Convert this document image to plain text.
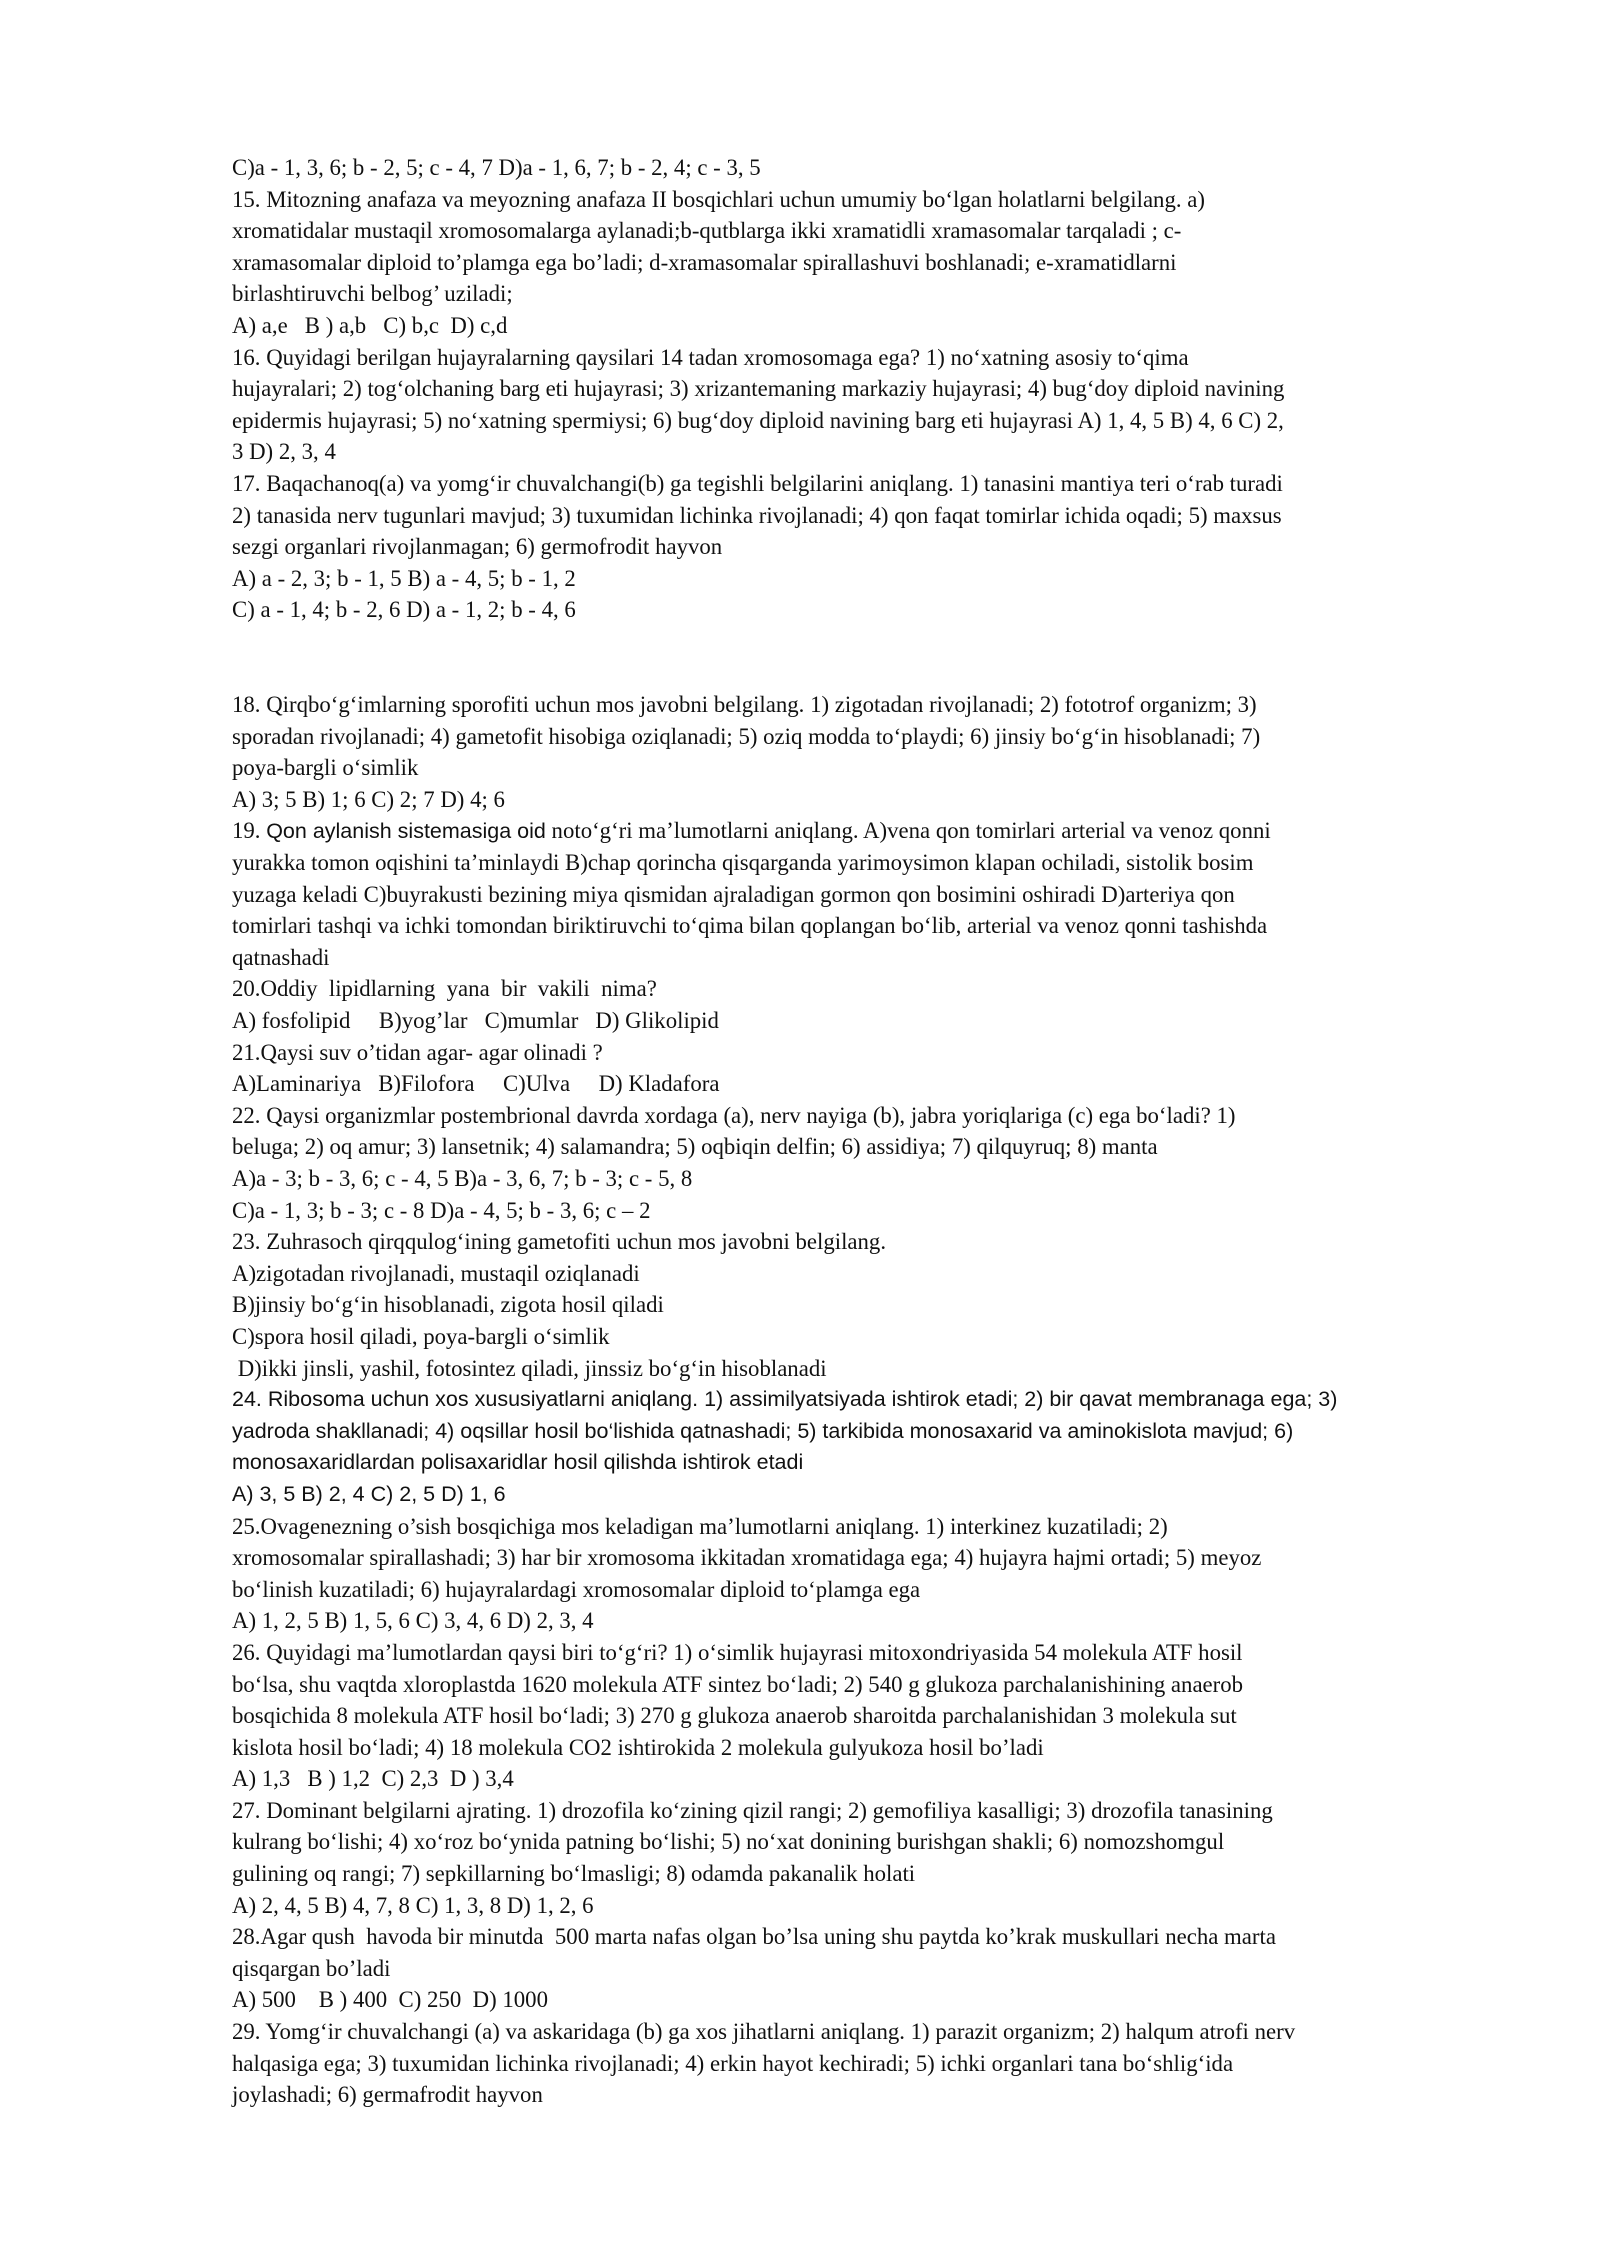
C)a - 1, 3, 6; b - 2, 5; c - 4, 7 D)a - 1, 6, 7; b - 2, 4; c - 3, 5
15. Mitozning anafaza va meyozning anafaza II bosqichlari uchun umumiy bo‘lgan holatlarni belgilang. a)
xromatidalar mustaqil xromosomalarga aylanadi;b-qutblarga ikki xramatidli xramasomalar tarqaladi ; c-
xramasomalar diploid to’plamga ega bo’ladi; d-xramasomalar spirallashuvi boshlanadi; e-xramatidlarni
birlashtiruvchi belbog’ uziladi;
A) a,e   B ) a,b   C) b,c  D) c,d
16. Quyidagi berilgan hujayralarning qaysilari 14 tadan xromosomaga ega? 1) no‘xatning asosiy to‘qima
hujayralari; 2) tog‘olchaning barg eti hujayrasi; 3) xrizantemaning markaziy hujayrasi; 4) bug‘doy diploid navining
epidermis hujayrasi; 5) no‘xatning spermiysi; 6) bug‘doy diploid navining barg eti hujayrasi A) 1, 4, 5 B) 4, 6 C) 2,
3 D) 2, 3, 4
17. Baqachanoq(a) va yomg‘ir chuvalchangi(b) ga tegishli belgilarini aniqlang. 1) tanasini mantiya teri o‘rab turadi
2) tanasida nerv tugunlari mavjud; 3) tuxumidan lichinka rivojlanadi; 4) qon faqat tomirlar ichida oqadi; 5) maxsus
sezgi organlari rivojlanmagan; 6) germofrodit hayvon
A) a - 2, 3; b - 1, 5 B) a - 4, 5; b - 1, 2
C) a - 1, 4; b - 2, 6 D) a - 1, 2; b - 4, 6
18. Qirqbo‘g‘imlarning sporofiti uchun mos javobni belgilang. 1) zigotadan rivojlanadi; 2) fototrof organizm; 3)
sporadan rivojlanadi; 4) gametofit hisobiga oziqlanadi; 5) oziq modda to‘playdi; 6) jinsiy bo‘g‘in hisoblanadi; 7)
poya-bargli o‘simlik
A) 3; 5 B) 1; 6 C) 2; 7 D) 4; 6
19. Qon aylanish sistemasiga oid noto‘g‘ri ma’lumotlarni aniqlang. A)vena qon tomirlari arterial va venoz qonni
yurakka tomon oqishini ta’minlaydi B)chap qorincha qisqarganda yarimoysimon klapan ochiladi, sistolik bosim
yuzaga keladi C)buyrakusti bezining miya qismidan ajraladigan gormon qon bosimini oshiradi D)arteriya qon
tomirlari tashqi va ichki tomondan biriktiruvchi to‘qima bilan qoplangan bo‘lib, arterial va venoz qonni tashishda
qatnashadi
20.Oddiy  lipidlarning  yana  bir  vakili  nima?
A) fosfolipid     B)yog’lar   C)mumlar   D) Glikolipid
21.Qaysi suv o’tidan agar- agar olinadi ?
A)Laminariya   B)Filofora     C)Ulva     D) Kladafora
22. Qaysi organizmlar postembrional davrda xordaga (a), nerv nayiga (b), jabra yoriqlariga (c) ega bo‘ladi? 1)
beluga; 2) oq amur; 3) lansetnik; 4) salamandra; 5) oqbiqin delfin; 6) assidiya; 7) qilquyruq; 8) manta
A)a - 3; b - 3, 6; c - 4, 5 B)a - 3, 6, 7; b - 3; c - 5, 8
C)a - 1, 3; b - 3; c - 8 D)a - 4, 5; b - 3, 6; c – 2
23. Zuhrasoch qirqqulog‘ining gametofiti uchun mos javobni belgilang.
A)zigotadan rivojlanadi, mustaqil oziqlanadi
B)jinsiy bo‘g‘in hisoblanadi, zigota hosil qiladi
C)spora hosil qiladi, poya-bargli o‘simlik
D)ikki jinsli, yashil, fotosintez qiladi, jinssiz bo‘g‘in hisoblanadi
24. Ribosoma uchun xos xususiyatlarni aniqlang. 1) assimilyatsiyada ishtirok etadi; 2) bir qavat membranaga ega; 3)
yadroda shakllanadi; 4) oqsillar hosil bo‘lishida qatnashadi; 5) tarkibida monosaxarid va aminokislota mavjud; 6)
monosaxaridlardan polisaxaridlar hosil qilishda ishtirok etadi
A) 3, 5 B) 2, 4 C) 2, 5 D) 1, 6
25.Ovagenezning o’sish bosqichiga mos keladigan ma’lumotlarni aniqlang. 1) interkinez kuzatiladi; 2)
xromosomalar spirallashadi; 3) har bir xromosoma ikkitadan xromatidaga ega; 4) hujayra hajmi ortadi; 5) meyoz
bo‘linish kuzatiladi; 6) hujayralardagi xromosomalar diploid to‘plamga ega
A) 1, 2, 5 B) 1, 5, 6 C) 3, 4, 6 D) 2, 3, 4
26. Quyidagi ma’lumotlardan qaysi biri to‘g‘ri? 1) o‘simlik hujayrasi mitoxondriyasida 54 molekula ATF hosil
bo‘lsa, shu vaqtda xloroplastda 1620 molekula ATF sintez bo‘ladi; 2) 540 g glukoza parchalanishining anaerob
bosqichida 8 molekula ATF hosil bo‘ladi; 3) 270 g glukoza anaerob sharoitda parchalanishidan 3 molekula sut
kislota hosil bo‘ladi; 4) 18 molekula CO2 ishtirokida 2 molekula gulyukoza hosil bo’ladi
A) 1,3   B ) 1,2  C) 2,3  D ) 3,4
27. Dominant belgilarni ajrating. 1) drozofila ko‘zining qizil rangi; 2) gemofiliya kasalligi; 3) drozofila tanasining
kulrang bo‘lishi; 4) xo‘roz bo‘ynida patning bo‘lishi; 5) no‘xat donining burishgan shakli; 6) nomozshomgul
gulining oq rangi; 7) sepkillarning bo‘lmasligi; 8) odamda pakanalik holati
A) 2, 4, 5 B) 4, 7, 8 C) 1, 3, 8 D) 1, 2, 6
28.Agar qush  havoda bir minutda  500 marta nafas olgan bo’lsa uning shu paytda ko’krak muskullari necha marta
qisqargan bo’ladi
A) 500    B ) 400  C) 250  D) 1000
29. Yomg‘ir chuvalchangi (a) va askaridaga (b) ga xos jihatlarni aniqlang. 1) parazit organizm; 2) halqum atrofi nerv
halqasiga ega; 3) tuxumidan lichinka rivojlanadi; 4) erkin hayot kechiradi; 5) ichki organlari tana bo‘shlig‘ida
joylashadi; 6) germafrodit hayvon
